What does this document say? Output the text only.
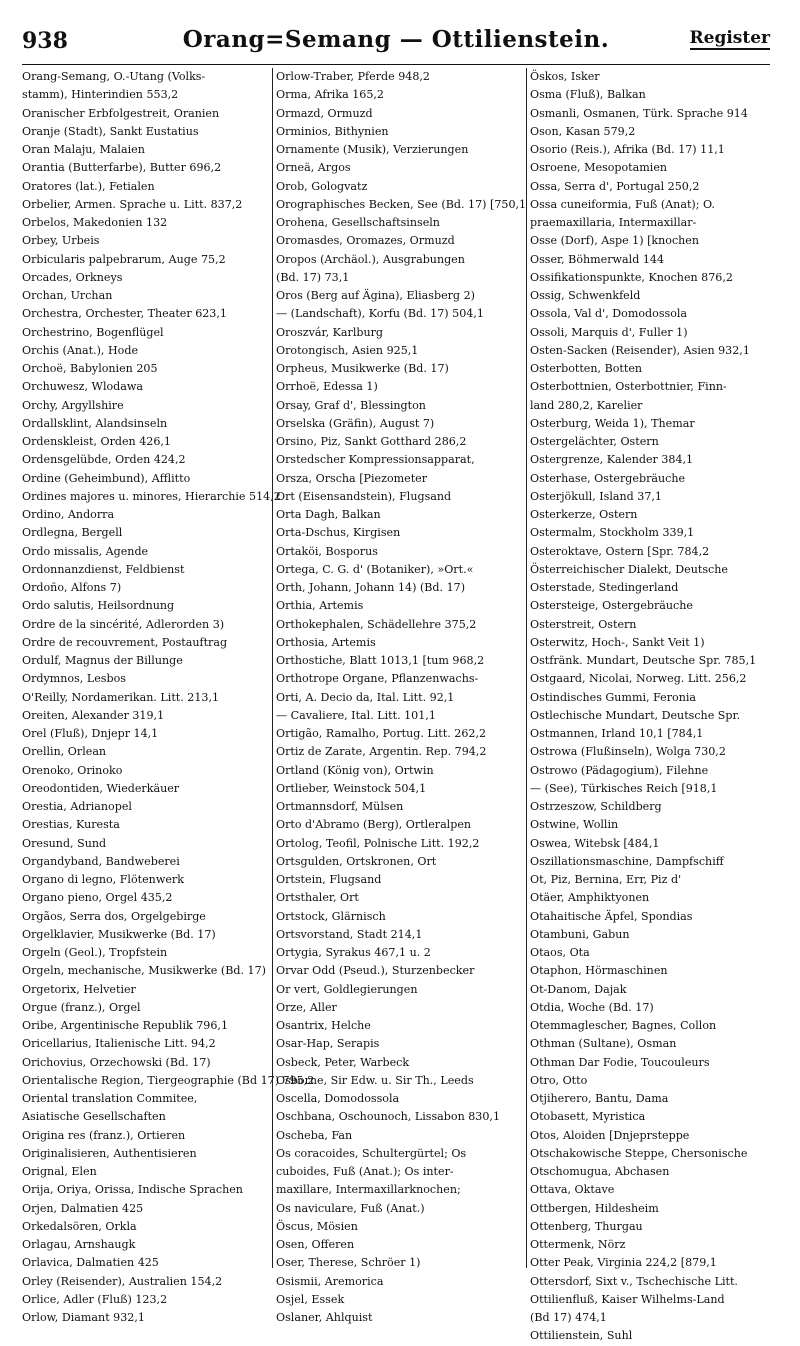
938	Orang=Semang — Ottilienstein.	Register
Orang-Semang, O.-Utang (Volks-
stamm), Hinterindien 553,2
Oranischer Erbfolgestreit, Oranien
Oranje (Stadt), Sankt Eustatius
Oran Malaju, Malaien
Orantia (Butterfarbe), Butter 696,2
Oratores (lat.), Fetialen
Orbelier, Armen. Sprache u. Litt. 837,2
Orbelos, Makedonien 132
Orbey, Urbeis
Orbicularis palpebrarum, Auge 75,2
Orcades, Orkneys
Orchan, Urchan
Orchestra, Orchester, Theater 623,1
Orchestrino, Bogenflügel
Orchis (Anat.), Hode
Orchoë, Babylonien 205
Orchuwesz, Wlodawa
Orchy, Argyllshire
Ordallsklint, Alandsinseln
Ordenskleist, Orden 426,1
Ordensgelübde, Orden 424,2
Ordine (Geheimbund), Afflitto
Ordines majores u. minores, Hierarchie 514,2
Ordino, Andorra
Ordlegna, Bergell
Ordo missalis, Agende
Ordonnanzdienst, Feldbienst
Ordoño, Alfons 7)
Ordo salutis, Heilsordnung
Ordre de la sincérité, Adlerorden 3)
Ordre de recouvrement, Postauftrag
Ordulf, Magnus der Billunge
Ordymnos, Lesbos
O'Reilly, Nordamerikan. Litt. 213,1
Oreiten, Alexander 319,1
Orel (Fluß), Dnjepr 14,1
Orellin, Orlean
Orenoko, Orinoko
Oreodontiden, Wiederkäuer
Orestia, Adrianopel
Orestias, Kuresta
Oresund, Sund
Organdyband, Bandweberei
Organo di legno, Flötenwerk
Organo pieno, Orgel 435,2
Orgãos, Serra dos, Orgelgebirge
Orgelklavier, Musikwerke (Bd. 17)
Orgeln (Geol.), Tropfstein
Orgeln, mechanische, Musikwerke (Bd. 17)
Orgetorix, Helvetier
Orgue (franz.), Orgel
Oribe, Argentinische Republik 796,1
Oricellarius, Italienische Litt. 94,2
Orichovius, Orzechowski (Bd. 17)
Orientalische Region, Tiergeographie (Bd 17) 795,2
Oriental translation Commitee,
Asiatische Gesellschaften
Origina res (franz.), Ortieren
Originalisieren, Authentisieren
Orignal, Elen
Orija, Oriya, Orissa, Indische Sprachen
Orjen, Dalmatien 425
Orkedalsören, Orkla
Orlagau, Arnshaugk
Orlavica, Dalmatien 425
Orley (Reisender), Australien 154,2
Orlice, Adler (Fluß) 123,2
Orlow, Diamant 932,1
Orlow-Traber, Pferde 948,2
Orma, Afrika 165,2
Ormazd, Ormuzd
Orminios, Bithynien
Ornamente (Musik), Verzierungen
Orneä, Argos
Orob, Gologvatz
Orographisches Becken, See (Bd. 17) [750,1
Orohena, Gesellschaftsinseln
Oromasdes, Oromazes, Ormuzd
Oropos (Archäol.), Ausgrabungen
(Bd. 17) 73,1
Oros (Berg auf Ägina), Eliasberg 2)
— (Landschaft), Korfu (Bd. 17) 504,1
Oroszvár, Karlburg
Orotongisch, Asien 925,1
Orpheus, Musikwerke (Bd. 17)
Orrhoë, Edessa 1)
Orsay, Graf d', Blessington
Orselska (Gräfin), August 7)
Orsino, Piz, Sankt Gotthard 286,2
Orstedscher Kompressionsapparat,
Orsza, Orscha [Piezometer
Ort (Eisensandstein), Flugsand
Orta Dagh, Balkan
Orta-Dschus, Kirgisen
Ortaköi, Bosporus
Ortega, C. G. d' (Botaniker), »Ort.«
Orth, Johann, Johann 14) (Bd. 17)
Orthia, Artemis
Orthokephalen, Schädellehre 375,2
Orthosia, Artemis
Orthostiche, Blatt 1013,1 [tum 968,2
Orthotrope Organe, Pflanzenwachs-
Orti, A. Decio da, Ital. Litt. 92,1
— Cavaliere, Ital. Litt. 101,1
Ortigão, Ramalho, Portug. Litt. 262,2
Ortiz de Zarate, Argentin. Rep. 794,2
Ortland (König von), Ortwin
Ortlieber, Weinstock 504,1
Ortmannsdorf, Mülsen
Orto d'Abramo (Berg), Ortleralpen
Ortolog, Teofil, Polnische Litt. 192,2
Ortsgulden, Ortskronen, Ort
Ortstein, Flugsand
Ortsthaler, Ort
Ortstock, Glärnisch
Ortsvorstand, Stadt 214,1
Ortygia, Syrakus 467,1 u. 2
Orvar Odd (Pseud.), Sturzenbecker
Or vert, Goldlegierungen
Orze, Aller
Osantrix, Helche
Osar-Hap, Serapis
Osbeck, Peter, Warbeck
Osborne, Sir Edw. u. Sir Th., Leeds
Oscella, Domodossola
Oschbana, Oschounoch, Lissabon 830,1
Oscheba, Fan
Os coracoides, Schultergürtel; Os
cuboides, Fuß (Anat.); Os inter-
maxillare, Intermaxillarknochen;
Os naviculare, Fuß (Anat.)
Öscus, Mösien
Osen, Offeren
Oser, Therese, Schröer 1)
Osismii, Aremorica
Osjel, Essek
Oslaner, Ahlquist
Öskos, Isker
Osma (Fluß), Balkan
Osmanli, Osmanen, Türk. Sprache 914
Oson, Kasan 579,2
Osorio (Reis.), Afrika (Bd. 17) 11,1
Osroene, Mesopotamien
Ossa, Serra d', Portugal 250,2
Ossa cuneiformia, Fuß (Anat); O.
praemaxillaria, Intermaxillar-
Osse (Dorf), Aspe 1) [knochen
Osser, Böhmerwald 144
Ossifikationspunkte, Knochen 876,2
Ossig, Schwenkfeld
Ossola, Val d', Domodossola
Ossoli, Marquis d', Fuller 1)
Osten-Sacken (Reisender), Asien 932,1
Osterbotten, Botten
Osterbottnien, Osterbottnier, Finn-
land 280,2, Karelier
Osterburg, Weida 1), Themar
Ostergelächter, Ostern
Ostergrenze, Kalender 384,1
Osterhase, Ostergebräuche
Osterjökull, Island 37,1
Osterkerze, Ostern
Ostermalm, Stockholm 339,1
Osteroktave, Ostern [Spr. 784,2
Österreichischer Dialekt, Deutsche
Osterstade, Stedingerland
Ostersteige, Ostergebräuche
Osterstreit, Ostern
Osterwitz, Hoch-, Sankt Veit 1)
Ostfränk. Mundart, Deutsche Spr. 785,1
Ostgaard, Nicolai, Norweg. Litt. 256,2
Ostindisches Gummi, Feronia
Ostlechische Mundart, Deutsche Spr.
Ostmannen, Irland 10,1 [784,1
Ostrowa (Flußinseln), Wolga 730,2
Ostrowo (Pädagogium), Filehne
— (See), Türkisches Reich [918,1
Ostrzeszow, Schildberg
Ostwine, Wollin
Oswea, Witebsk [484,1
Oszillationsmaschine, Dampfschiff
Ot, Piz, Bernina, Err, Piz d'
Otäer, Amphiktyonen
Otahaitische Äpfel, Spondias
Otambuni, Gabun
Otaos, Ota
Otaphon, Hörmaschinen
Ot-Danom, Dajak
Otdia, Woche (Bd. 17)
Otemmaglescher, Bagnes, Collon
Othman (Sultane), Osman
Othman Dar Fodie, Toucouleurs
Otro, Otto
Otjiherero, Bantu, Dama
Otobasett, Myristica
Otos, Aloiden [Dnjeprsteppe
Otschakowische Steppe, Chersonische
Otschomugua, Abchasen
Ottava, Oktave
Ottbergen, Hildesheim
Ottenberg, Thurgau
Ottermenk, Nörz
Otter Peak, Virginia 224,2 [879,1
Ottersdorf, Sixt v., Tschechische Litt.
Ottilienfluß, Kaiser Wilhelms-Land
(Bd 17) 474,1
Ottilienstein, Suhl
